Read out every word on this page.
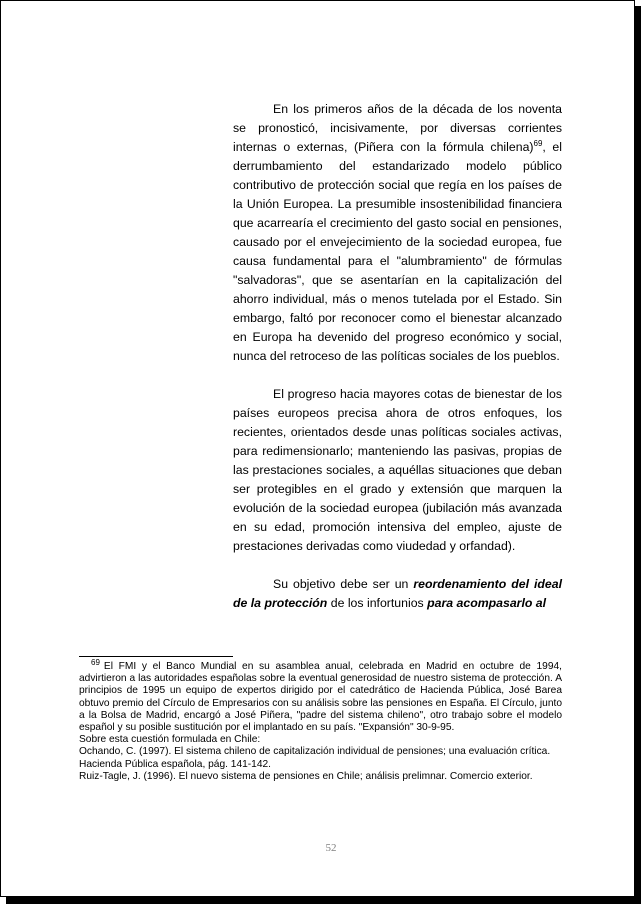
En los primeros años de la década de los noventa se pronosticó, incisivamente, por diversas corrientes internas o externas, (Piñera con la fórmula chilena)$^{69}$, el derrumbamiento del estandarizado modelo público contributivo de protección social que regía en los países de la Unión Europea. La presumible insostenibilidad financiera que acarrearía el crecimiento del gasto social en pensiones, causado por el envejecimiento de la sociedad europea, fue causa fundamental para el "alumbramiento" de fórmulas "salvadoras", que se asentarían en la capitalización del ahorro individual, más o menos tutelada por el Estado. Sin embargo, faltó por reconocer como el bienestar alcanzado en Europa ha devenido del progreso económico y social, nunca del retroceso de las políticas sociales de los pueblos.

El progreso hacia mayores cotas de bienestar de los países europeos precisa ahora de otros enfoques, los recientes, orientados desde unas políticas sociales activas, para redimensionarlo; manteniendo las pasivas, propias de las prestaciones sociales, a aquéllas situaciones que deban ser protegibles en el grado y extensión que marquen la evolución de la sociedad europea (jubilación más avanzada en su edad, promoción intensiva del empleo, ajuste de prestaciones derivadas como viudedad y orfandad).

Su objetivo debe ser un reordenamiento del ideal de la protección de los infortunios para acompasarlo al

$^{69}$ El FMI y el Banco Mundial en su asamblea anual, celebrada en Madrid en octubre de 1994, advirtieron a las autoridades españolas sobre la eventual generosidad de nuestro sistema de protección. A principios de 1995 un equipo de expertos dirigido por el catedrático de Hacienda Pública, José Barea obtuvo premio del Círculo de Empresarios con su análisis sobre las pensiones en España. El Círculo, junto a la Bolsa de Madrid, encargó a José Piñera, "padre del sistema chileno", otro trabajo sobre el modelo español y su posible sustitución por el implantado en su país. "Expansión" 30-9-95.

Sobre esta cuestión formulada en Chile:

Ochando, C. (1997). El sistema chileno de capitalización individual de pensiones; una evaluación crítica.

Hacienda Pública española, pág. 141-142.

Ruiz-Tagle, J. (1996). El nuevo sistema de pensiones en Chile; análisis prelimnar. Comercio exterior.

52
